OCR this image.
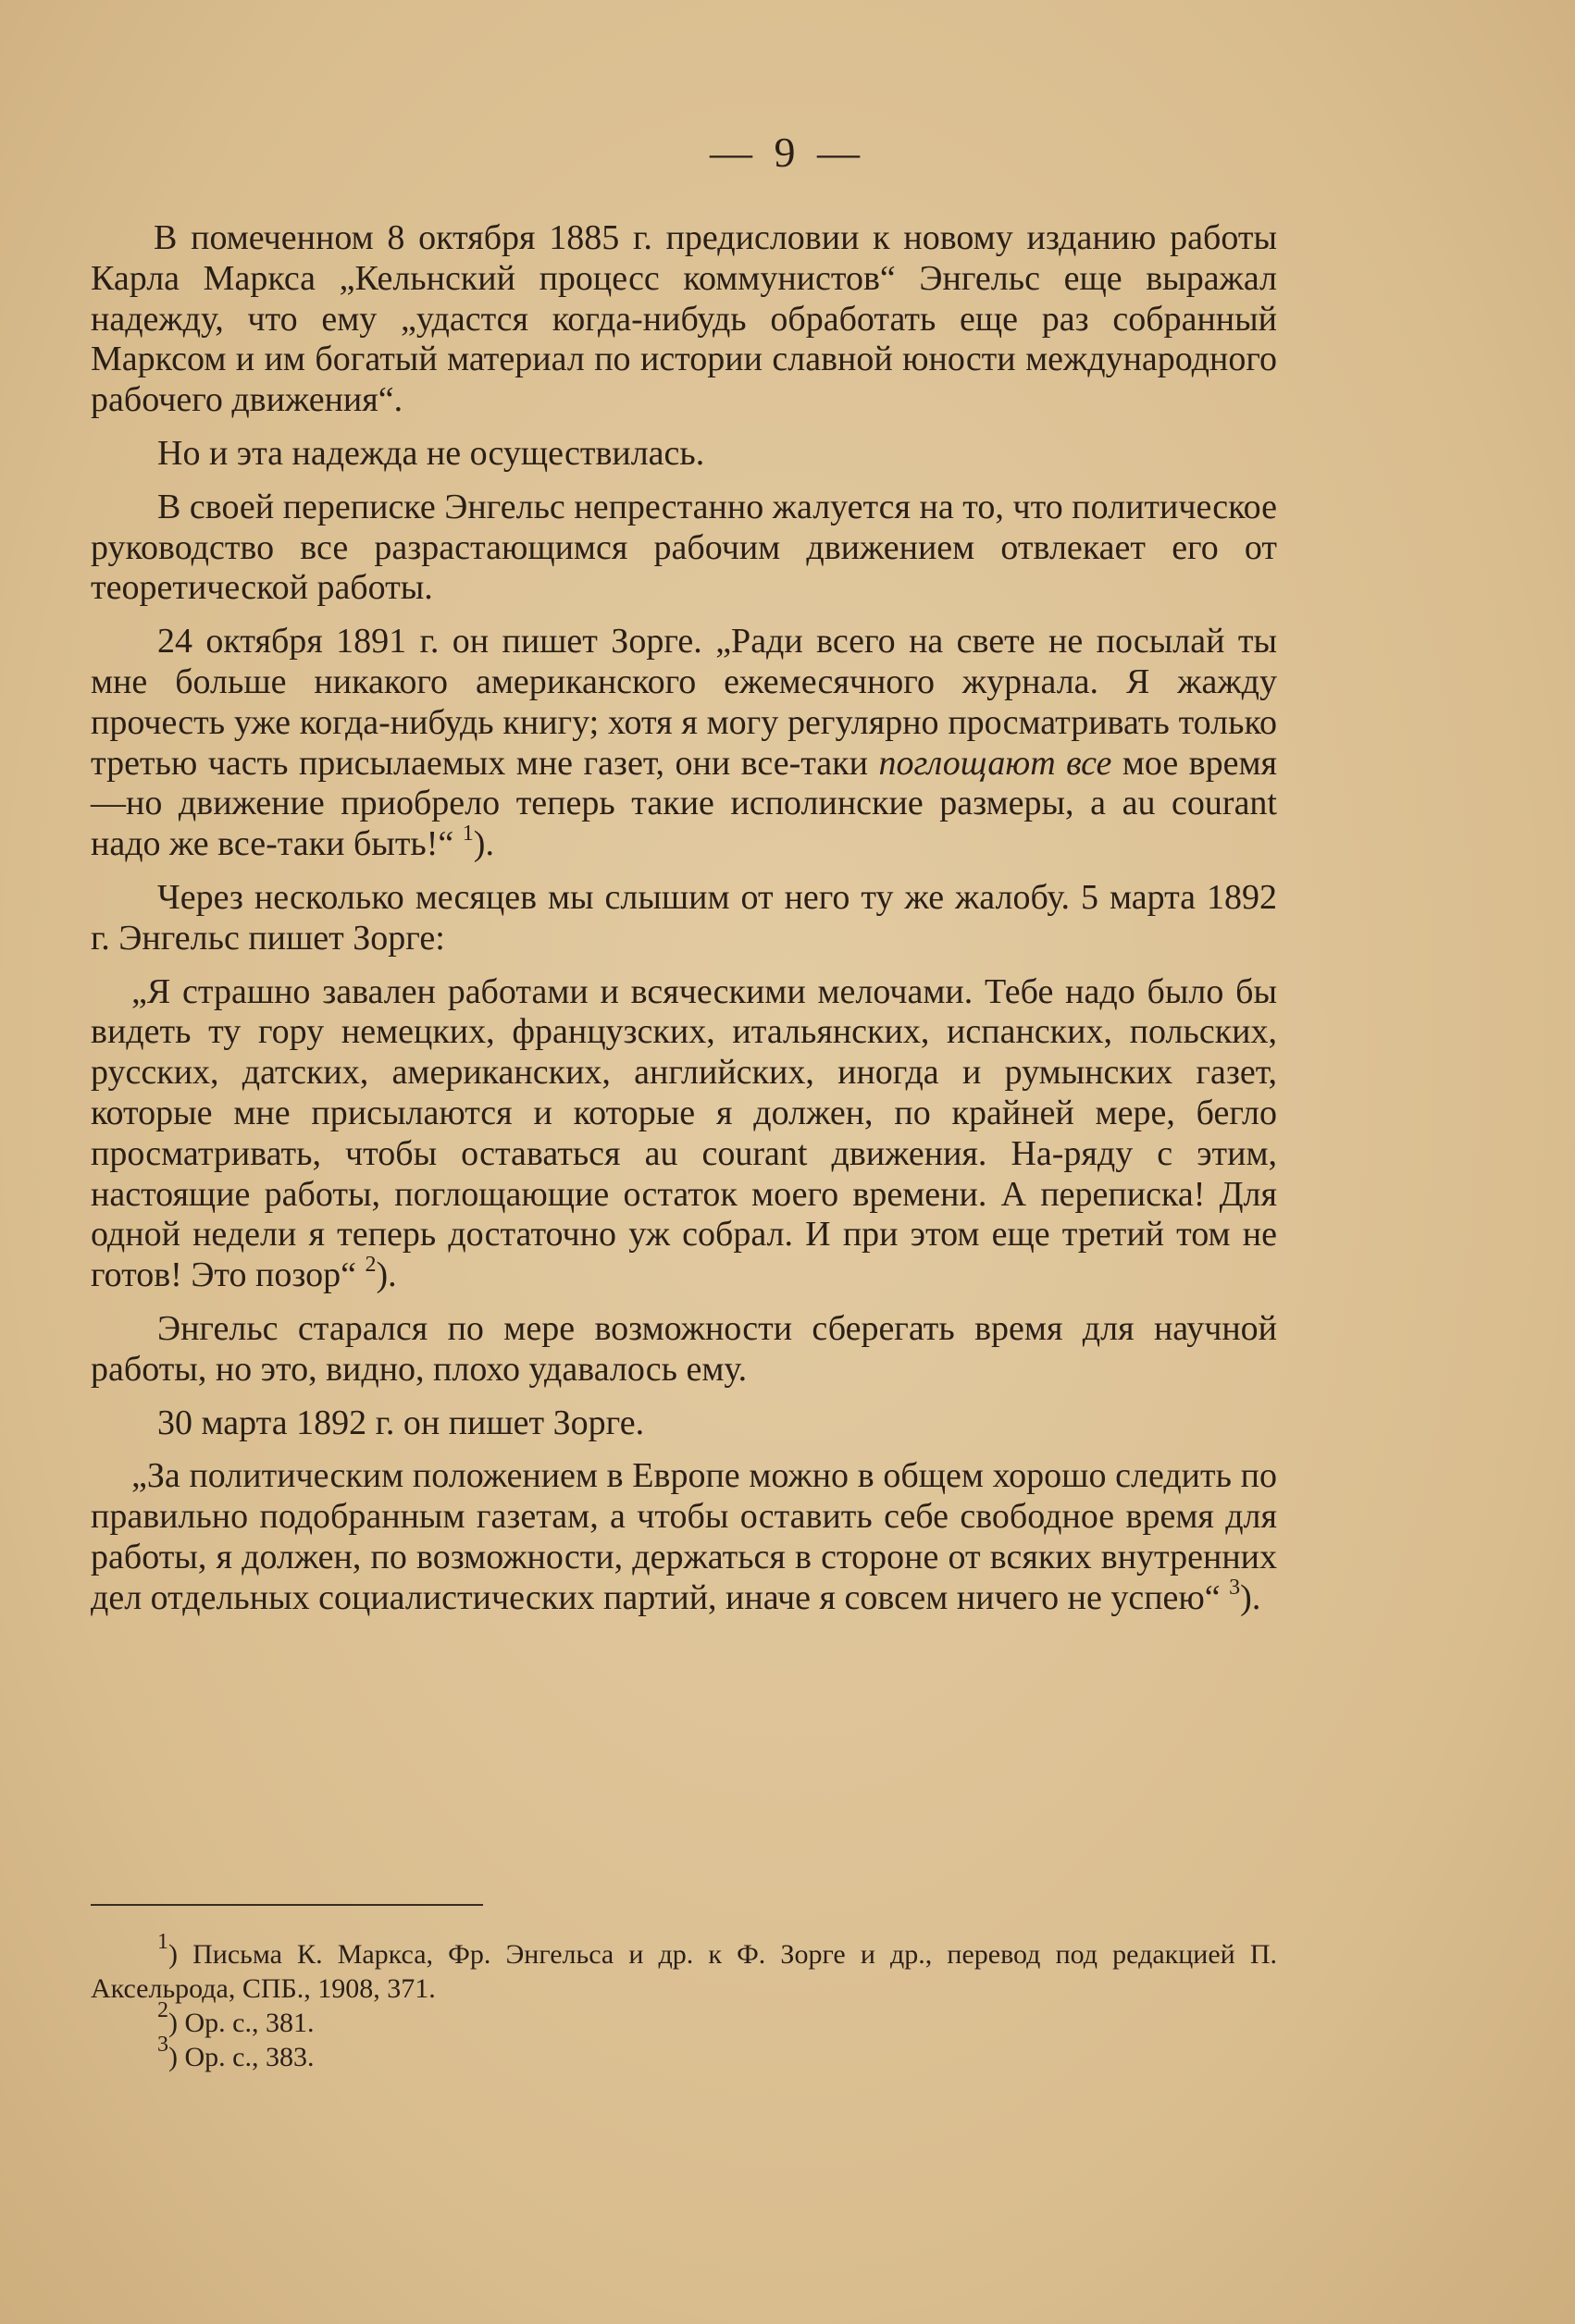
— 9 —

В помеченном 8 октября 1885 г. предисловии к новому изданию работы Карла Маркса „Кельнский процесс коммунистов“ Энгельс еще выражал надежду, что ему „удастся когда-нибудь обработать еще раз собранный Марксом и им богатый материал по истории славной юности международного рабочего движения“.

Но и эта надежда не осуществилась.

В своей переписке Энгельс непрестанно жалуется на то, что политическое руководство все разрастающимся рабочим движением отвлекает его от теоретической работы.

24 октября 1891 г. он пишет Зорге. „Ради всего на свете не посылай ты мне больше никакого американского ежемесячного журнала. Я жажду прочесть уже когда-нибудь книгу; хотя я могу регулярно просматривать только третью часть присылаемых мне газет, они все-таки поглощают все мое время—но движение приобрело теперь такие исполинские размеры, а au courant надо же все-таки быть!“ $^1$).

Через несколько месяцев мы слышим от него ту же жалобу. 5 марта 1892 г. Энгельс пишет Зорге:

„Я страшно завален работами и всяческими мелочами. Тебе надо было бы видеть ту гору немецких, французских, итальянских, испанских, польских, русских, датских, американских, английских, иногда и румынских газет, которые мне присылаются и которые я должен, по крайней мере, бегло просматривать, чтобы оставаться au courant движения. На-ряду с этим, настоящие работы, поглощающие остаток моего времени. А переписка! Для одной недели я теперь достаточно уж собрал. И при этом еще третий том не готов! Это позор“ $^2$).

Энгельс старался по мере возможности сберегать время для научной работы, но это, видно, плохо удавалось ему.

30 марта 1892 г. он пишет Зорге.

„За политическим положением в Европе можно в общем хорошо следить по правильно подобранным газетам, а чтобы оставить себе свободное время для работы, я должен, по возможности, держаться в стороне от всяких внутренних дел отдельных социалистических партий, иначе я совсем ничего не успею“ $^3$).

$^1$) Письма К. Маркса, Фр. Энгельса и др. к Ф. Зорге и др., перевод под редакцией П. Аксельрода, СПБ., 1908, 371.

$^2$) Ор. с., 381.

$^3$) Ор. с., 383.
